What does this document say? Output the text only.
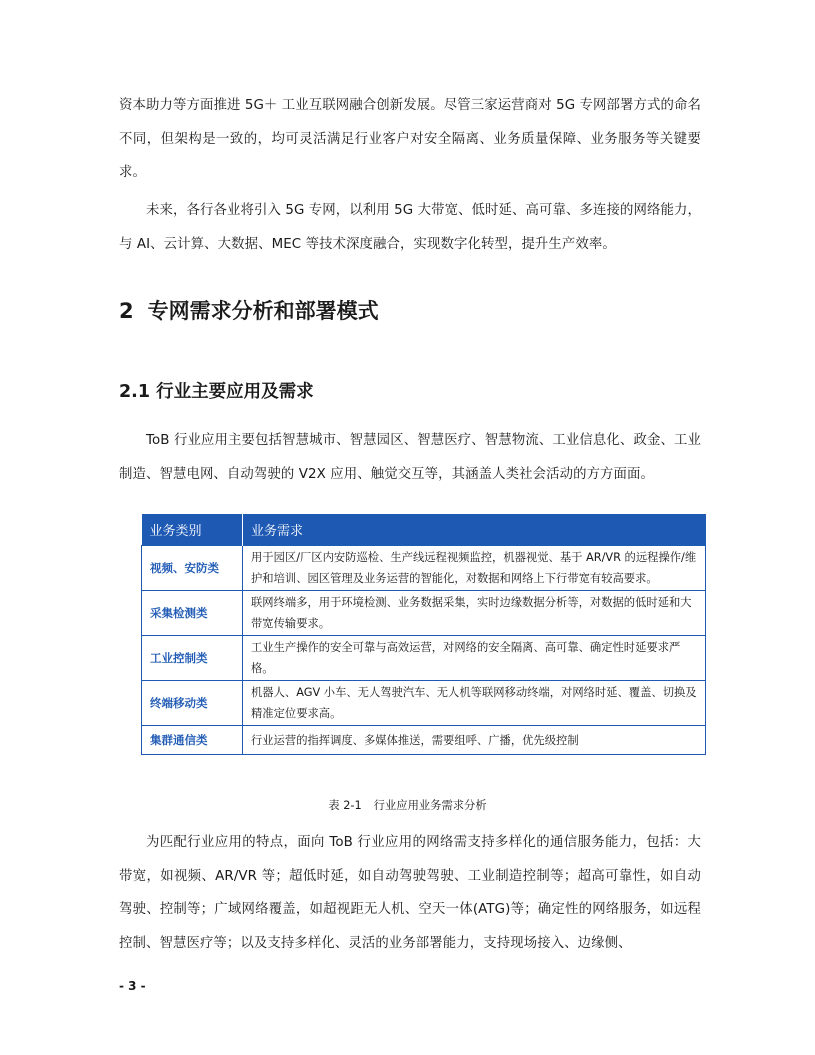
资本助力等方面推进 5G＋ 工业互联网融合创新发展。尽管三家运营商对 5G 专网部署方式的命名不同，但架构是一致的，均可灵活满足行业客户对安全隔离、业务质量保障、业务服务等关键要求。

未来，各行各业将引入 5G 专网，以利用 5G 大带宽、低时延、高可靠、多连接的网络能力，与 AI、云计算、大数据、MEC 等技术深度融合，实现数字化转型，提升生产效率。

2 专网需求分析和部署模式
2.1 行业主要应用及需求

ToB 行业应用主要包括智慧城市、智慧园区、智慧医疗、智慧物流、工业信息化、政金、工业制造、智慧电网、自动驾驶的 V2X 应用、触觉交互等，其涵盖人类社会活动的方方面面。

业务类别	业务需求
视频、安防类	用于园区/厂区内安防巡检、生产线远程视频监控，机器视觉、基于 AR/VR 的远程操作/维护和培训、园区管理及业务运营的智能化，对数据和网络上下行带宽有较高要求。
采集检测类	联网终端多，用于环境检测、业务数据采集，实时边缘数据分析等，对数据的低时延和大带宽传输要求。
工业控制类	工业生产操作的安全可靠与高效运营，对网络的安全隔离、高可靠、确定性时延要求严格。
终端移动类	机器人、AGV 小车、无人驾驶汽车、无人机等联网移动终端，对网络时延、覆盖、切换及精准定位要求高。
集群通信类	行业运营的指挥调度、多媒体推送，需要组呼、广播，优先级控制
表 2-1 行业应用业务需求分析

为匹配行业应用的特点，面向 ToB 行业应用的网络需支持多样化的通信服务能力，包括：大带宽，如视频、AR/VR 等；超低时延，如自动驾驶驾驶、工业制造控制等；超高可靠性，如自动驾驶、控制等；广域网络覆盖，如超视距无人机、空天一体(ATG)等；确定性的网络服务，如远程控制、智慧医疗等；以及支持多样化、灵活的业务部署能力，支持现场接入、边缘侧、

- 3 -
